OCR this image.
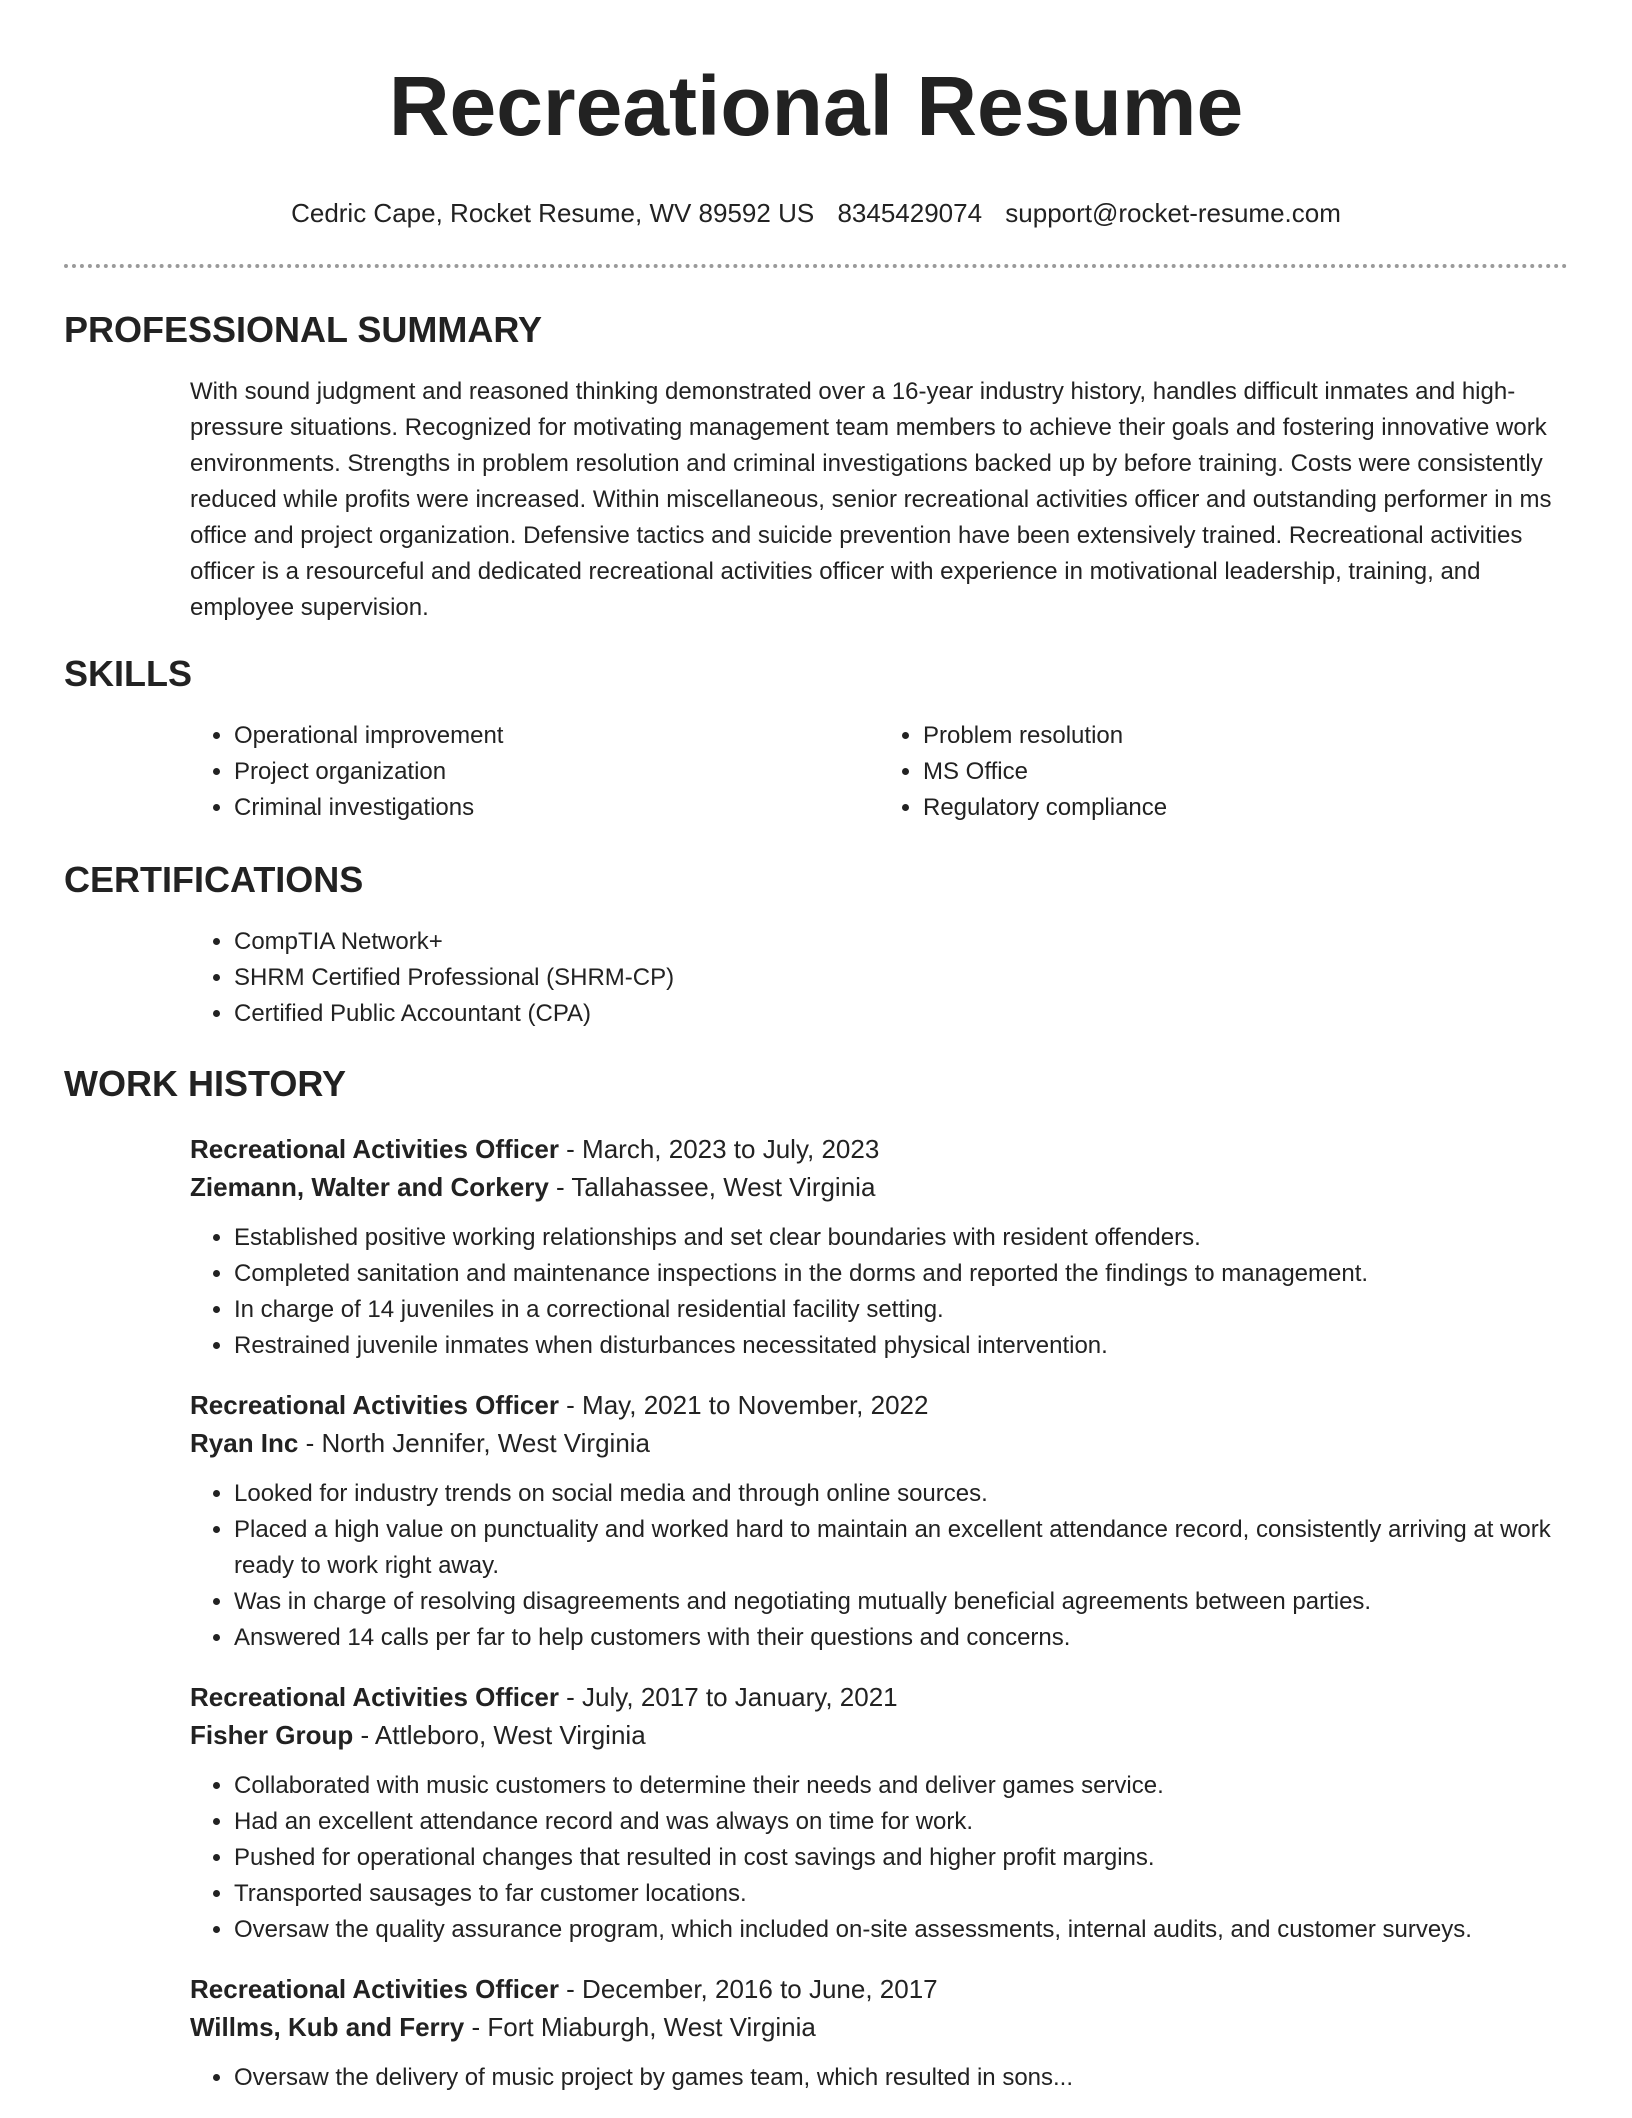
Recreational Resume
Cedric Cape, Rocket Resume, WV 89592 US 8345429074 support@rocket-resume.com
PROFESSIONAL SUMMARY

With sound judgment and reasoned thinking demonstrated over a 16-year industry history, handles difficult inmates and high-pressure situations. Recognized for motivating management team members to achieve their goals and fostering innovative work environments. Strengths in problem resolution and criminal investigations backed up by before training. Costs were consistently reduced while profits were increased. Within miscellaneous, senior recreational activities officer and outstanding performer in ms office and project organization. Defensive tactics and suicide prevention have been extensively trained. Recreational activities officer is a resourceful and dedicated recreational activities officer with experience in motivational leadership, training, and employee supervision.

SKILLS
• Operational improvement
• Project organization
• Criminal investigations
• Problem resolution
• MS Office
• Regulatory compliance
CERTIFICATIONS
• CompTIA Network+
• SHRM Certified Professional (SHRM-CP)
• Certified Public Accountant (CPA)
WORK HISTORY
Recreational Activities Officer - March, 2023 to July, 2023
Ziemann, Walter and Corkery - Tallahassee, West Virginia
• Established positive working relationships and set clear boundaries with resident offenders.
• Completed sanitation and maintenance inspections in the dorms and reported the findings to management.
• In charge of 14 juveniles in a correctional residential facility setting.
• Restrained juvenile inmates when disturbances necessitated physical intervention.
Recreational Activities Officer - May, 2021 to November, 2022
Ryan Inc - North Jennifer, West Virginia
• Looked for industry trends on social media and through online sources.
• Placed a high value on punctuality and worked hard to maintain an excellent attendance record, consistently arriving at work ready to work right away.
• Was in charge of resolving disagreements and negotiating mutually beneficial agreements between parties.
• Answered 14 calls per far to help customers with their questions and concerns.
Recreational Activities Officer - July, 2017 to January, 2021
Fisher Group - Attleboro, West Virginia
• Collaborated with music customers to determine their needs and deliver games service.
• Had an excellent attendance record and was always on time for work.
• Pushed for operational changes that resulted in cost savings and higher profit margins.
• Transported sausages to far customer locations.
• Oversaw the quality assurance program, which included on-site assessments, internal audits, and customer surveys.
Recreational Activities Officer - December, 2016 to June, 2017
Willms, Kub and Ferry - Fort Miaburgh, West Virginia
• Oversaw the delivery of music project by games team, which resulted in sons...
